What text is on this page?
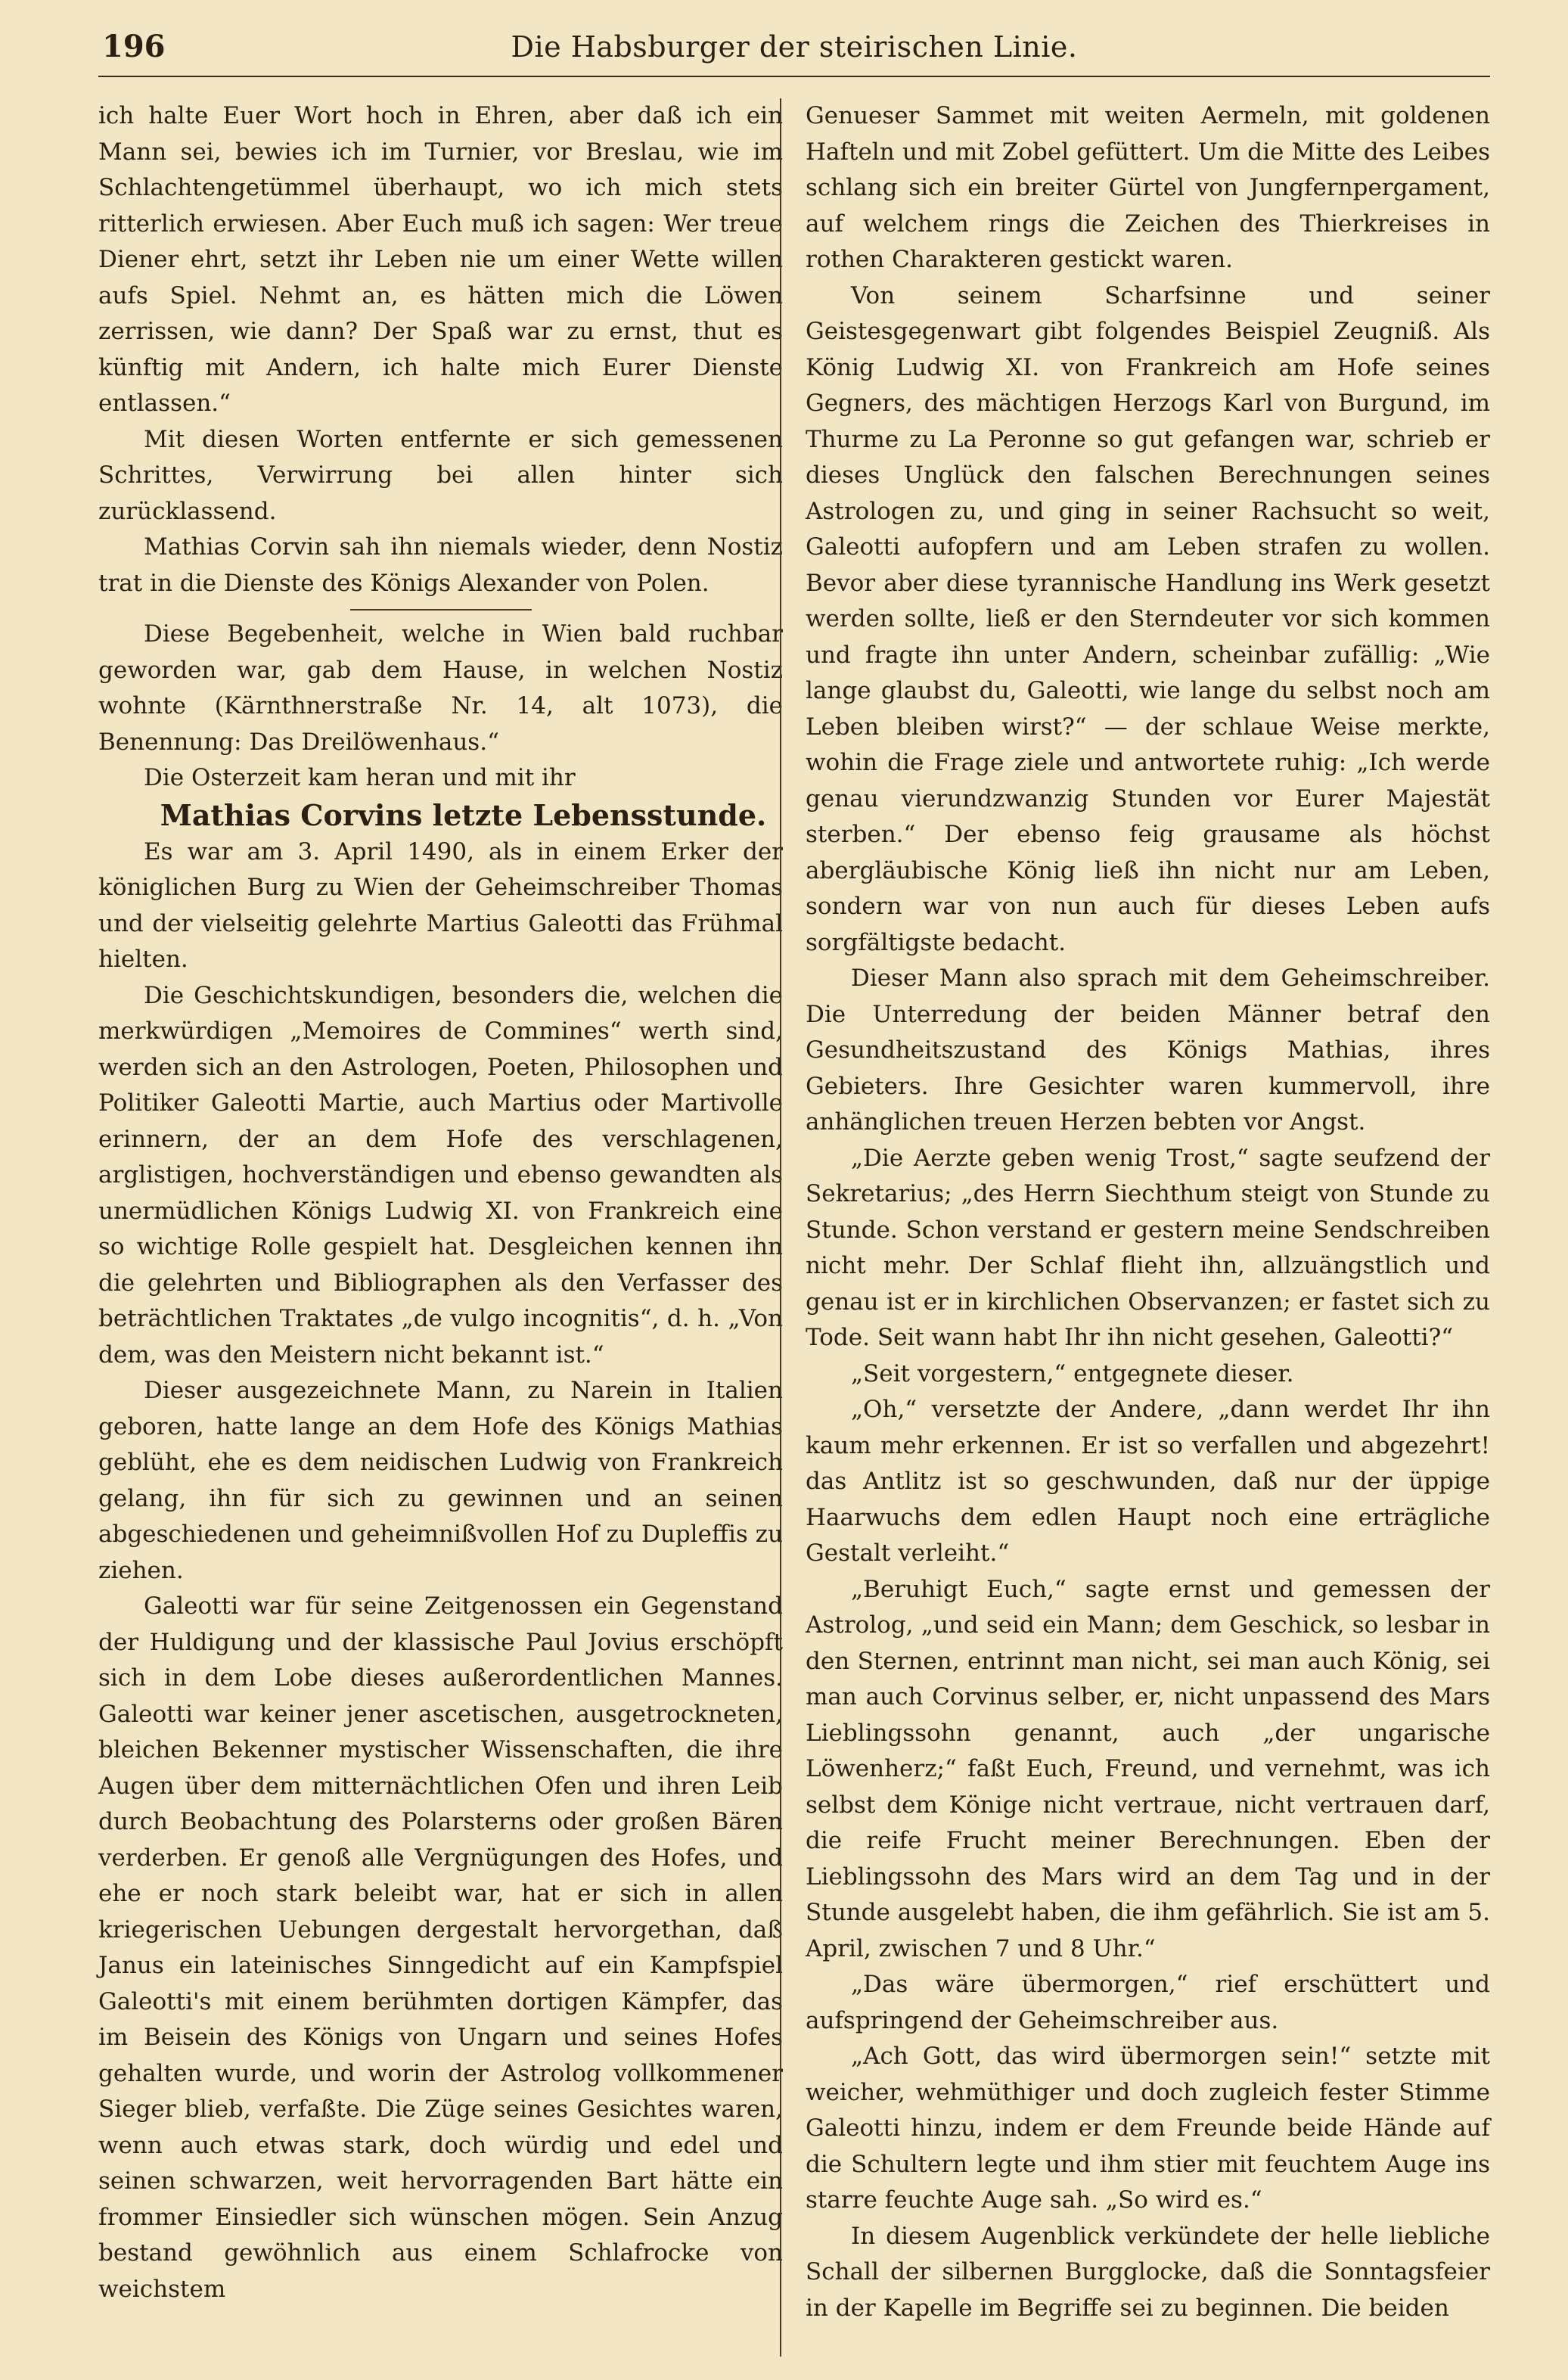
196	Die Habsburger der steirischen Linie.

ich halte Euer Wort hoch in Ehren, aber daß ich ein Mann sei, bewies ich im Turnier, vor Breslau, wie im Schlachtengetümmel überhaupt, wo ich mich stets ritterlich erwiesen. Aber Euch muß ich sagen: Wer treue Diener ehrt, setzt ihr Leben nie um einer Wette willen aufs Spiel. Nehmt an, es hätten mich die Löwen zerrissen, wie dann? Der Spaß war zu ernst, thut es künftig mit Andern, ich halte mich Eurer Dienste entlassen.“

Mit diesen Worten entfernte er sich gemessenen Schrittes, Verwirrung bei allen hinter sich zurücklassend.

Mathias Corvin sah ihn niemals wieder, denn Nostiz trat in die Dienste des Königs Alexander von Polen.

Diese Begebenheit, welche in Wien bald ruchbar geworden war, gab dem Hause, in welchen Nostiz wohnte (Kärnthnerstraße Nr. 14, alt 1073), die Benennung: Das Dreilöwenhaus.“

Die Osterzeit kam heran und mit ihr

Mathias Corvins letzte Lebensstunde.

Es war am 3. April 1490, als in einem Erker der königlichen Burg zu Wien der Geheimschreiber Thomas und der vielseitig gelehrte Martius Galeotti das Frühmal hielten.

Die Geschichtskundigen, besonders die, welchen die merkwürdigen „Memoires de Commines“ werth sind, werden sich an den Astrologen, Poeten, Philosophen und Politiker Galeotti Martie, auch Martius oder Martivolle erinnern, der an dem Hofe des verschlagenen, arglistigen, hochverständigen und ebenso gewandten als unermüdlichen Königs Ludwig XI. von Frankreich eine so wichtige Rolle gespielt hat. Desgleichen kennen ihn die gelehrten und Bibliographen als den Verfasser des beträchtlichen Traktates „de vulgo incognitis“, d. h. „Von dem, was den Meistern nicht bekannt ist.“

Dieser ausgezeichnete Mann, zu Narein in Italien geboren, hatte lange an dem Hofe des Königs Mathias geblüht, ehe es dem neidischen Ludwig von Frankreich gelang, ihn für sich zu gewinnen und an seinen abgeschiedenen und geheimnißvollen Hof zu Dupleffis zu ziehen.

Galeotti war für seine Zeitgenossen ein Gegenstand der Huldigung und der klassische Paul Jovius erschöpft sich in dem Lobe dieses außerordentlichen Mannes. Galeotti war keiner jener ascetischen, ausgetrockneten, bleichen Bekenner mystischer Wissenschaften, die ihre Augen über dem mitternächtlichen Ofen und ihren Leib durch Beobachtung des Polarsterns oder großen Bären verderben. Er genoß alle Vergnügungen des Hofes, und ehe er noch stark beleibt war, hat er sich in allen kriegerischen Uebungen dergestalt hervorgethan, daß Janus ein lateinisches Sinngedicht auf ein Kampfspiel Galeotti's mit einem berühmten dortigen Kämpfer, das im Beisein des Königs von Ungarn und seines Hofes gehalten wurde, und worin der Astrolog vollkommener Sieger blieb, verfaßte. Die Züge seines Gesichtes waren, wenn auch etwas stark, doch würdig und edel und seinen schwarzen, weit hervorragenden Bart hätte ein frommer Einsiedler sich wünschen mögen. Sein Anzug bestand gewöhnlich aus einem Schlafrocke von weichstem

Genueser Sammet mit weiten Aermeln, mit goldenen Hafteln und mit Zobel gefüttert. Um die Mitte des Leibes schlang sich ein breiter Gürtel von Jungfernpergament, auf welchem rings die Zeichen des Thierkreises in rothen Charakteren gestickt waren.

Von seinem Scharfsinne und seiner Geistesgegenwart gibt folgendes Beispiel Zeugniß. Als König Ludwig XI. von Frankreich am Hofe seines Gegners, des mächtigen Herzogs Karl von Burgund, im Thurme zu La Peronne so gut gefangen war, schrieb er dieses Unglück den falschen Berechnungen seines Astrologen zu, und ging in seiner Rachsucht so weit, Galeotti aufopfern und am Leben strafen zu wollen. Bevor aber diese tyrannische Handlung ins Werk gesetzt werden sollte, ließ er den Sterndeuter vor sich kommen und fragte ihn unter Andern, scheinbar zufällig: „Wie lange glaubst du, Galeotti, wie lange du selbst noch am Leben bleiben wirst?“ — der schlaue Weise merkte, wohin die Frage ziele und antwortete ruhig: „Ich werde genau vierundzwanzig Stunden vor Eurer Majestät sterben.“ Der ebenso feig grausame als höchst abergläubische König ließ ihn nicht nur am Leben, sondern war von nun auch für dieses Leben aufs sorgfältigste bedacht.

Dieser Mann also sprach mit dem Geheimschreiber. Die Unterredung der beiden Männer betraf den Gesundheitszustand des Königs Mathias, ihres Gebieters. Ihre Gesichter waren kummervoll, ihre anhänglichen treuen Herzen bebten vor Angst.

„Die Aerzte geben wenig Trost,“ sagte seufzend der Sekretarius; „des Herrn Siechthum steigt von Stunde zu Stunde. Schon verstand er gestern meine Sendschreiben nicht mehr. Der Schlaf flieht ihn, allzuängstlich und genau ist er in kirchlichen Observanzen; er fastet sich zu Tode. Seit wann habt Ihr ihn nicht gesehen, Galeotti?“

„Seit vorgestern,“ entgegnete dieser.

„Oh,“ versetzte der Andere, „dann werdet Ihr ihn kaum mehr erkennen. Er ist so verfallen und abgezehrt! das Antlitz ist so geschwunden, daß nur der üppige Haarwuchs dem edlen Haupt noch eine erträgliche Gestalt verleiht.“

„Beruhigt Euch,“ sagte ernst und gemessen der Astrolog, „und seid ein Mann; dem Geschick, so lesbar in den Sternen, entrinnt man nicht, sei man auch König, sei man auch Corvinus selber, er, nicht unpassend des Mars Lieblingssohn genannt, auch „der ungarische Löwenherz;“ faßt Euch, Freund, und vernehmt, was ich selbst dem Könige nicht vertraue, nicht vertrauen darf, die reife Frucht meiner Berechnungen. Eben der Lieblingssohn des Mars wird an dem Tag und in der Stunde ausgelebt haben, die ihm gefährlich. Sie ist am 5. April, zwischen 7 und 8 Uhr.“

„Das wäre übermorgen,“ rief erschüttert und aufspringend der Geheimschreiber aus.

„Ach Gott, das wird übermorgen sein!“ setzte mit weicher, wehmüthiger und doch zugleich fester Stimme Galeotti hinzu, indem er dem Freunde beide Hände auf die Schultern legte und ihm stier mit feuchtem Auge ins starre feuchte Auge sah. „So wird es.“

In diesem Augenblick verkündete der helle liebliche Schall der silbernen Burgglocke, daß die Sonntagsfeier in der Kapelle im Begriffe sei zu beginnen. Die beiden
